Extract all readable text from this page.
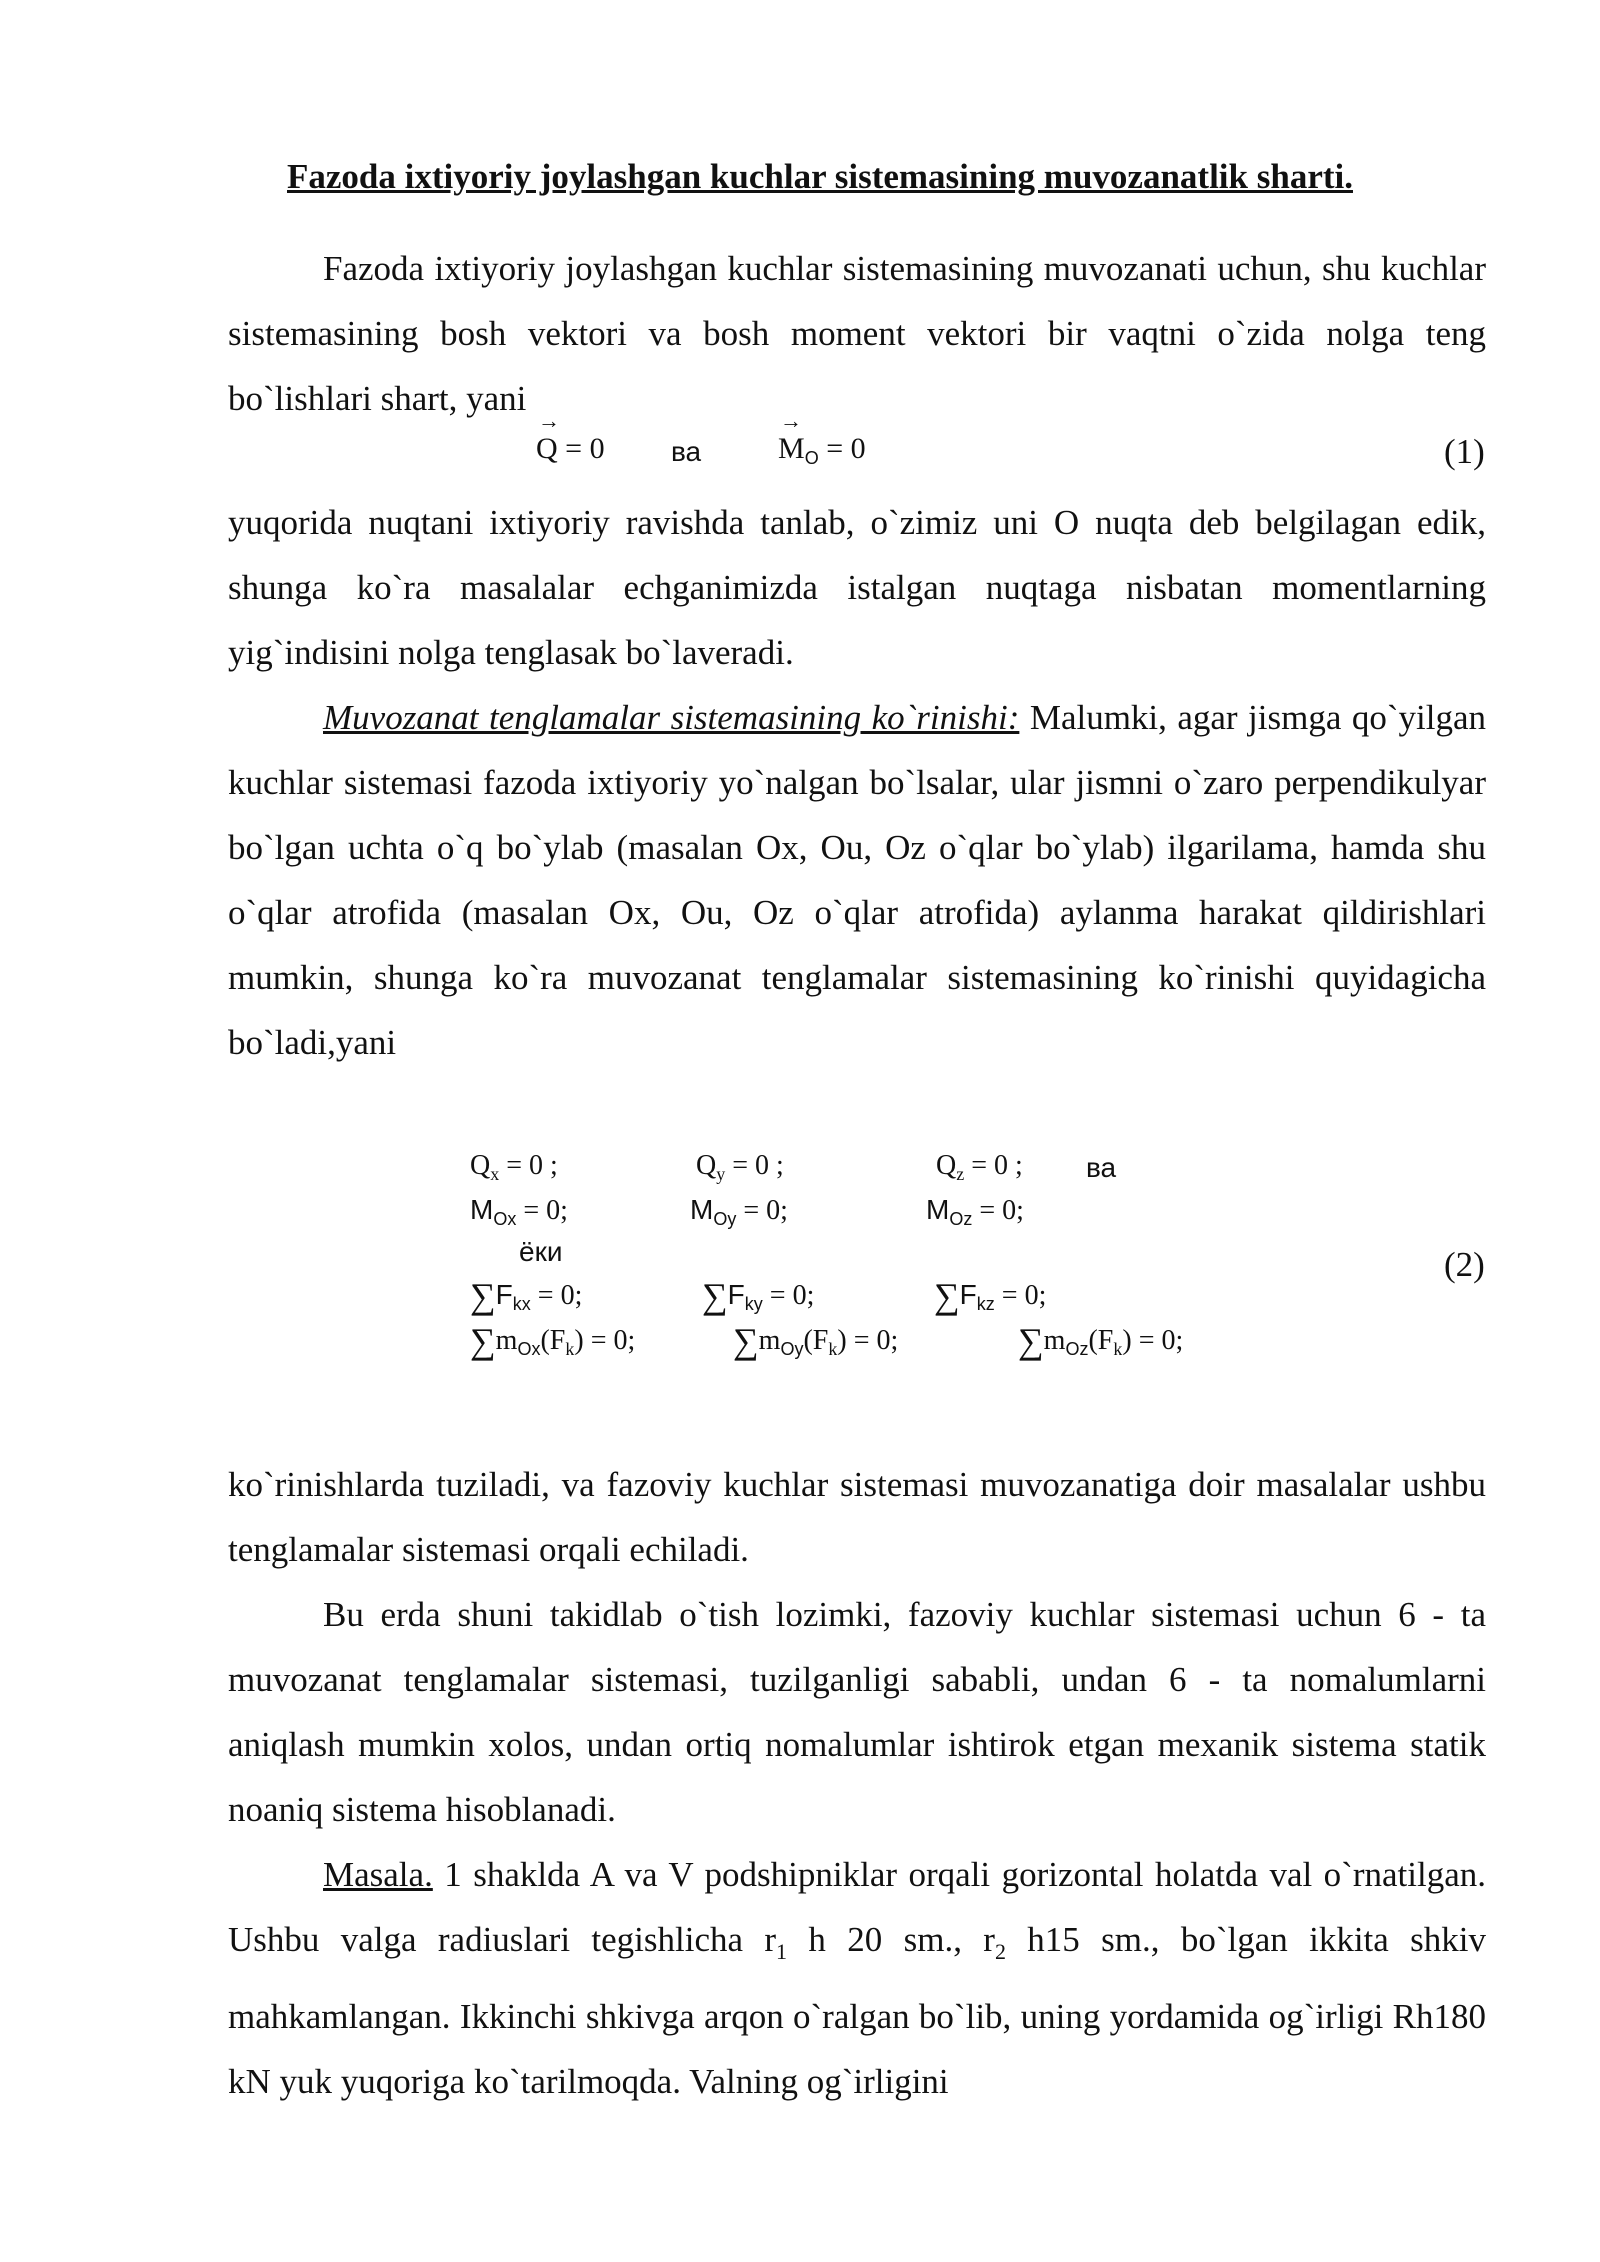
Fazoda ixtiyoriy joylashgan kuchlar sistemasining muvozanatlik sharti.

Fazoda ixtiyoriy joylashgan kuchlar sistemasining muvozanati uchun, shu kuchlar sistemasining bosh vektori va bosh moment vektori bir vaqtni o`zida nolga teng bo`lishlari shart, yani

→ Q = 0 ва
→	$M_O = 0$	(1)

yuqorida nuqtani ixtiyoriy ravishda tanlab, o`zimiz uni O nuqta deb belgilagan edik, shunga ko`ra masalalar echganimizda istalgan nuqtaga nisbatan momentlarning yig`indisini nolga tenglasak bo`laveradi.

Muvozanat tenglamalar sistemasining ko`rinishi: Malumki, agar jismga qo`yilgan kuchlar sistemasi fazoda ixtiyoriy yo`nalgan bo`lsalar, ular jismni o`zaro perpendikulyar bo`lgan uchta o`q bo`ylab (masalan Ox, Ou, Oz o`qlar bo`ylab) ilgarilama, hamda shu o`qlar atrofida (masalan Ox, Ou, Oz o`qlar atrofida) aylanma harakat qildirishlari mumkin, shunga ko`ra muvozanat tenglamalar sistemasining ko`rinishi quyidagicha bo`ladi,yani

$Q_x = 0$ ;	$Q_y = 0$ ;	$Q_z = 0$ ; ва
$M_{Ox} = 0$;	$M_{Oy} = 0$;	$M_{Oz} = 0$;
ёки
$\sum F_{kx} = 0$;	$\sum F_{ky} = 0$;	$\sum F_{kz} = 0$;
$\sum m_{Ox}(F_k) = 0$;	$\sum m_{Oy}(F_k) = 0$;	$\sum m_{Oz}(F_k) = 0$;
(2)

ko`rinishlarda tuziladi, va fazoviy kuchlar sistemasi muvozanatiga doir masalalar ushbu tenglamalar sistemasi orqali echiladi.

Bu erda shuni takidlab o`tish lozimki, fazoviy kuchlar sistemasi uchun 6 - ta muvozanat tenglamalar sistemasi, tuzilganligi sababli, undan 6 - ta nomalumlarni aniqlash mumkin xolos, undan ortiq nomalumlar ishtirok etgan mexanik sistema statik noaniq sistema hisoblanadi.

Masala. 1 shaklda A va V podshipniklar orqali gorizontal holatda val o`rnatilgan. Ushbu valga radiuslari tegishlicha $r_1$ h 20 sm., $r_2$ h15 sm., bo`lgan ikkita shkiv mahkamlangan. Ikkinchi shkivga arqon o`ralgan bo`lib, uning yordamida og`irligi Rh180 kN yuk yuqoriga ko`tarilmoqda. Valning og`irligini
